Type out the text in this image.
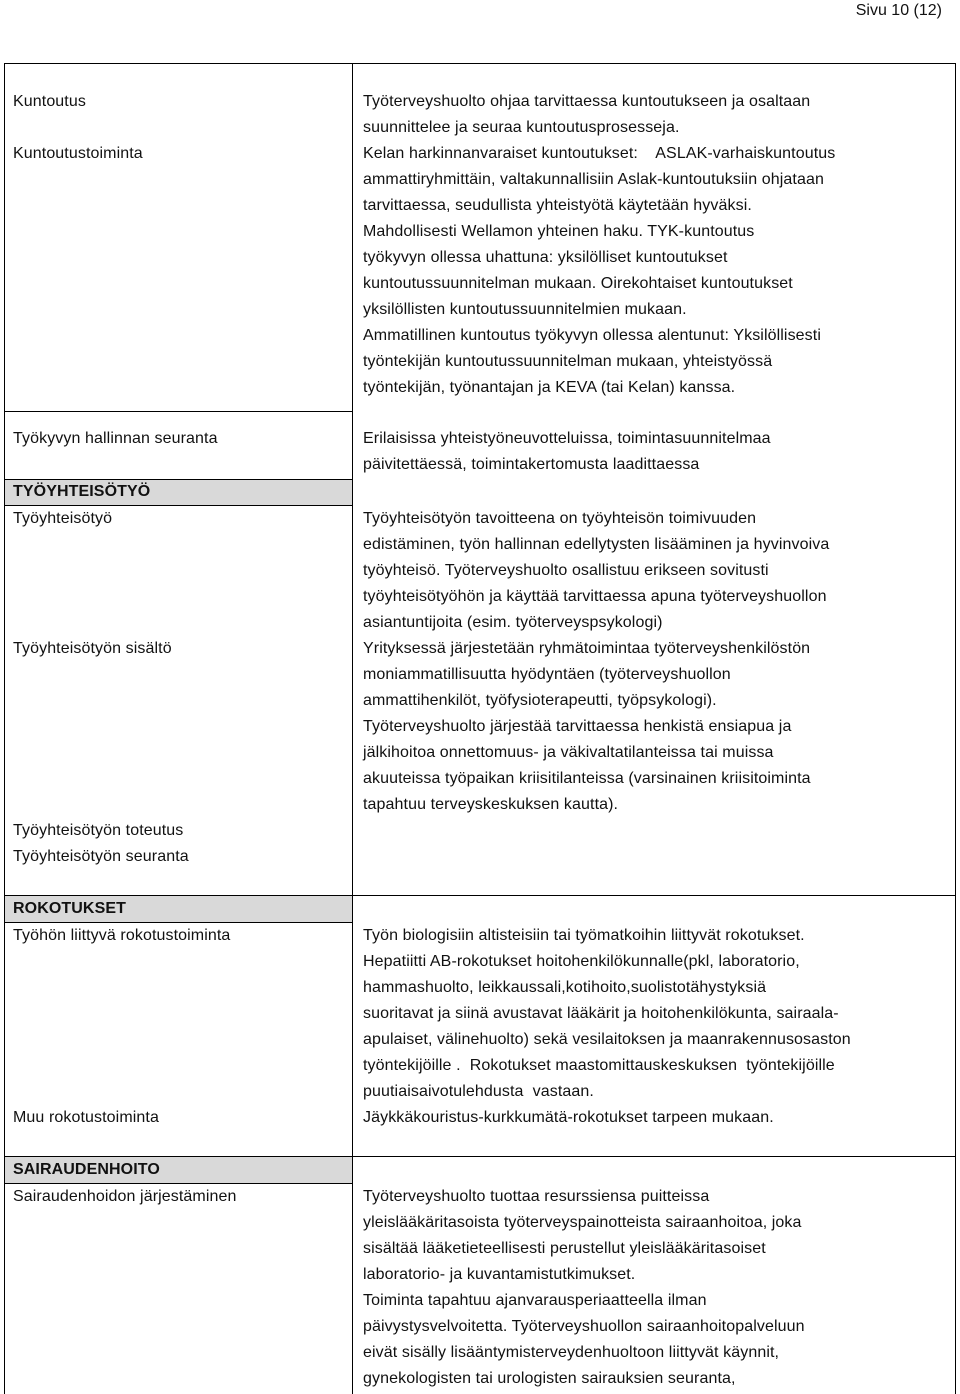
Sivu 10 (12)
Kuntoutus
Kuntoutustoiminta
Työterveyshuolto ohjaa tarvittaessa kuntoutukseen ja osaltaan
suunnittelee ja seuraa kuntoutusprosesseja.
Kelan harkinnanvaraiset kuntoutukset:    ASLAK-varhaiskuntoutus
ammattiryhmittäin, valtakunnallisiin Aslak-kuntoutuksiin ohjataan
tarvittaessa, seudullista yhteistyötä käytetään hyväksi.
Mahdollisesti Wellamon yhteinen haku. TYK-kuntoutus
työkyvyn ollessa uhattuna: yksilölliset kuntoutukset
kuntoutussuunnitelman mukaan. Oirekohtaiset kuntoutukset
yksilöllisten kuntoutussuunnitelmien mukaan.
Ammatillinen kuntoutus työkyvyn ollessa alentunut: Yksilöllisesti
työntekijän kuntoutussuunnitelman mukaan, yhteistyössä
työntekijän, työnantajan ja KEVA (tai Kelan) kanssa.
Työkyvyn hallinnan seuranta	Erilaisissa yhteistyöneuvotteluissa, toimintasuunnitelmaa
päivitettäessä, toimintakertomusta laadittaessa
TYÖYHTEISÖTYÖ
Työyhteisötyö
Työyhteisötyön sisältö
Työyhteisötyön toteutus
Työyhteisötyön seuranta
Työyhteisötyön tavoitteena on työyhteisön toimivuuden
edistäminen, työn hallinnan edellytysten lisääminen ja hyvinvoiva
työyhteisö. Työterveyshuolto osallistuu erikseen sovitusti
työyhteisötyöhön ja käyttää tarvittaessa apuna työterveyshuollon
asiantuntijoita (esim. työterveyspsykologi)
Yrityksessä järjestetään ryhmätoimintaa työterveyshenkilöstön
moniammatillisuutta hyödyntäen (työterveyshuollon
ammattihenkilöt, työfysioterapeutti, työpsykologi).
Työterveyshuolto järjestää tarvittaessa henkistä ensiapua ja
jälkihoitoa onnettomuus- ja väkivaltatilanteissa tai muissa
akuuteissa työpaikan kriisitilanteissa (varsinainen kriisitoiminta
tapahtuu terveyskeskuksen kautta).
ROKOTUKSET
Työhön liittyvä rokotustoiminta
Muu rokotustoiminta
Työn biologisiin altisteisiin tai työmatkoihin liittyvät rokotukset.
Hepatiitti AB-rokotukset hoitohenkilökunnalle(pkl, laboratorio,
hammashuolto, leikkaussali,kotihoito,suolistotähystyksiä
suoritavat ja siinä avustavat lääkärit ja hoitohenkilökunta, sairaala-
apulaiset, välinehuolto) sekä vesilaitoksen ja maanrakennusosaston
työntekijöille .  Rokotukset maastomittauskeskuksen  työntekijöille
puutiaisaivotulehdusta  vastaan.
Jäykkäkouristus-kurkkumätä-rokotukset tarpeen mukaan.
SAIRAUDENHOITO
Sairaudenhoidon järjestäminen	Työterveyshuolto tuottaa resurssiensa puitteissa
yleislääkäritasoista työterveyspainotteista sairaanhoitoa, joka
sisältää lääketieteellisesti perustellut yleislääkäritasoiset
laboratorio- ja kuvantamistutkimukset.
Toiminta tapahtuu ajanvarausperiaatteella ilman
päivystysvelvoitetta. Työterveyshuollon sairaanhoitopalveluun
eivät sisälly lisääntymisterveydenhuoltoon liittyvät käynnit,
gynekologisten tai urologisten sairauksien seuranta,
